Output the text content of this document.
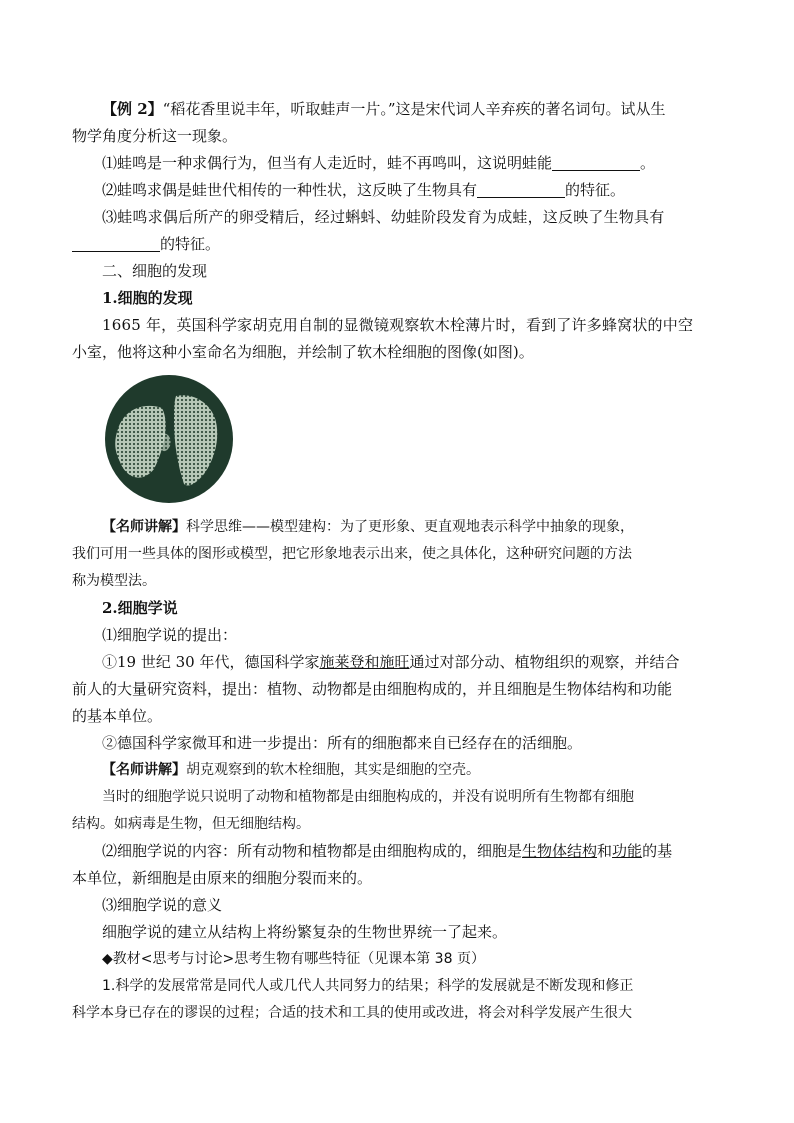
【例 2】“稻花香里说丰年，听取蛙声一片。”这是宋代词人辛弃疾的著名词句。试从生

物学角度分析这一现象。

⑴蛙鸣是一种求偶行为，但当有人走近时，蛙不再鸣叫，这说明蛙能	。

⑵蛙鸣求偶是蛙世代相传的一种性状，这反映了生物具有	的特征。

⑶蛙鸣求偶后所产的卵受精后，经过蝌蚪、幼蛙阶段发育为成蛙，这反映了生物具有

的特征。

二、细胞的发现

1.细胞的发现

1665 年，英国科学家胡克用自制的显微镜观察软木栓薄片时，看到了许多蜂窝状的中空

小室，他将这种小室命名为细胞，并绘制了软木栓细胞的图像(如图)。

【名师讲解】科学思维——模型建构：为了更形象、更直观地表示科学中抽象的现象，

我们可用一些具体的图形或模型，把它形象地表示出来，使之具体化，这种研究问题的方法

称为模型法。

2.细胞学说

⑴细胞学说的提出：

①19 世纪 30 年代，德国科学家施莱登和施旺通过对部分动、植物组织的观察，并结合

前人的大量研究资料，提出：植物、动物都是由细胞构成的，并且细胞是生物体结构和功能

的基本单位。

②德国科学家微耳和进一步提出：所有的细胞都来自已经存在的活细胞。

【名师讲解】胡克观察到的软木栓细胞，其实是细胞的空壳。

当时的细胞学说只说明了动物和植物都是由细胞构成的，并没有说明所有生物都有细胞

结构。如病毒是生物，但无细胞结构。

⑵细胞学说的内容：所有动物和植物都是由细胞构成的，细胞是生物体结构和功能的基

本单位，新细胞是由原来的细胞分裂而来的。

⑶细胞学说的意义

细胞学说的建立从结构上将纷繁复杂的生物世界统一了起来。

◆教材<思考与讨论>思考生物有哪些特征（见课本第 38 页）

1.科学的发展常常是同代人或几代人共同努力的结果；科学的发展就是不断发现和修正

科学本身已存在的谬误的过程；合适的技术和工具的使用或改进，将会对科学发展产生很大
